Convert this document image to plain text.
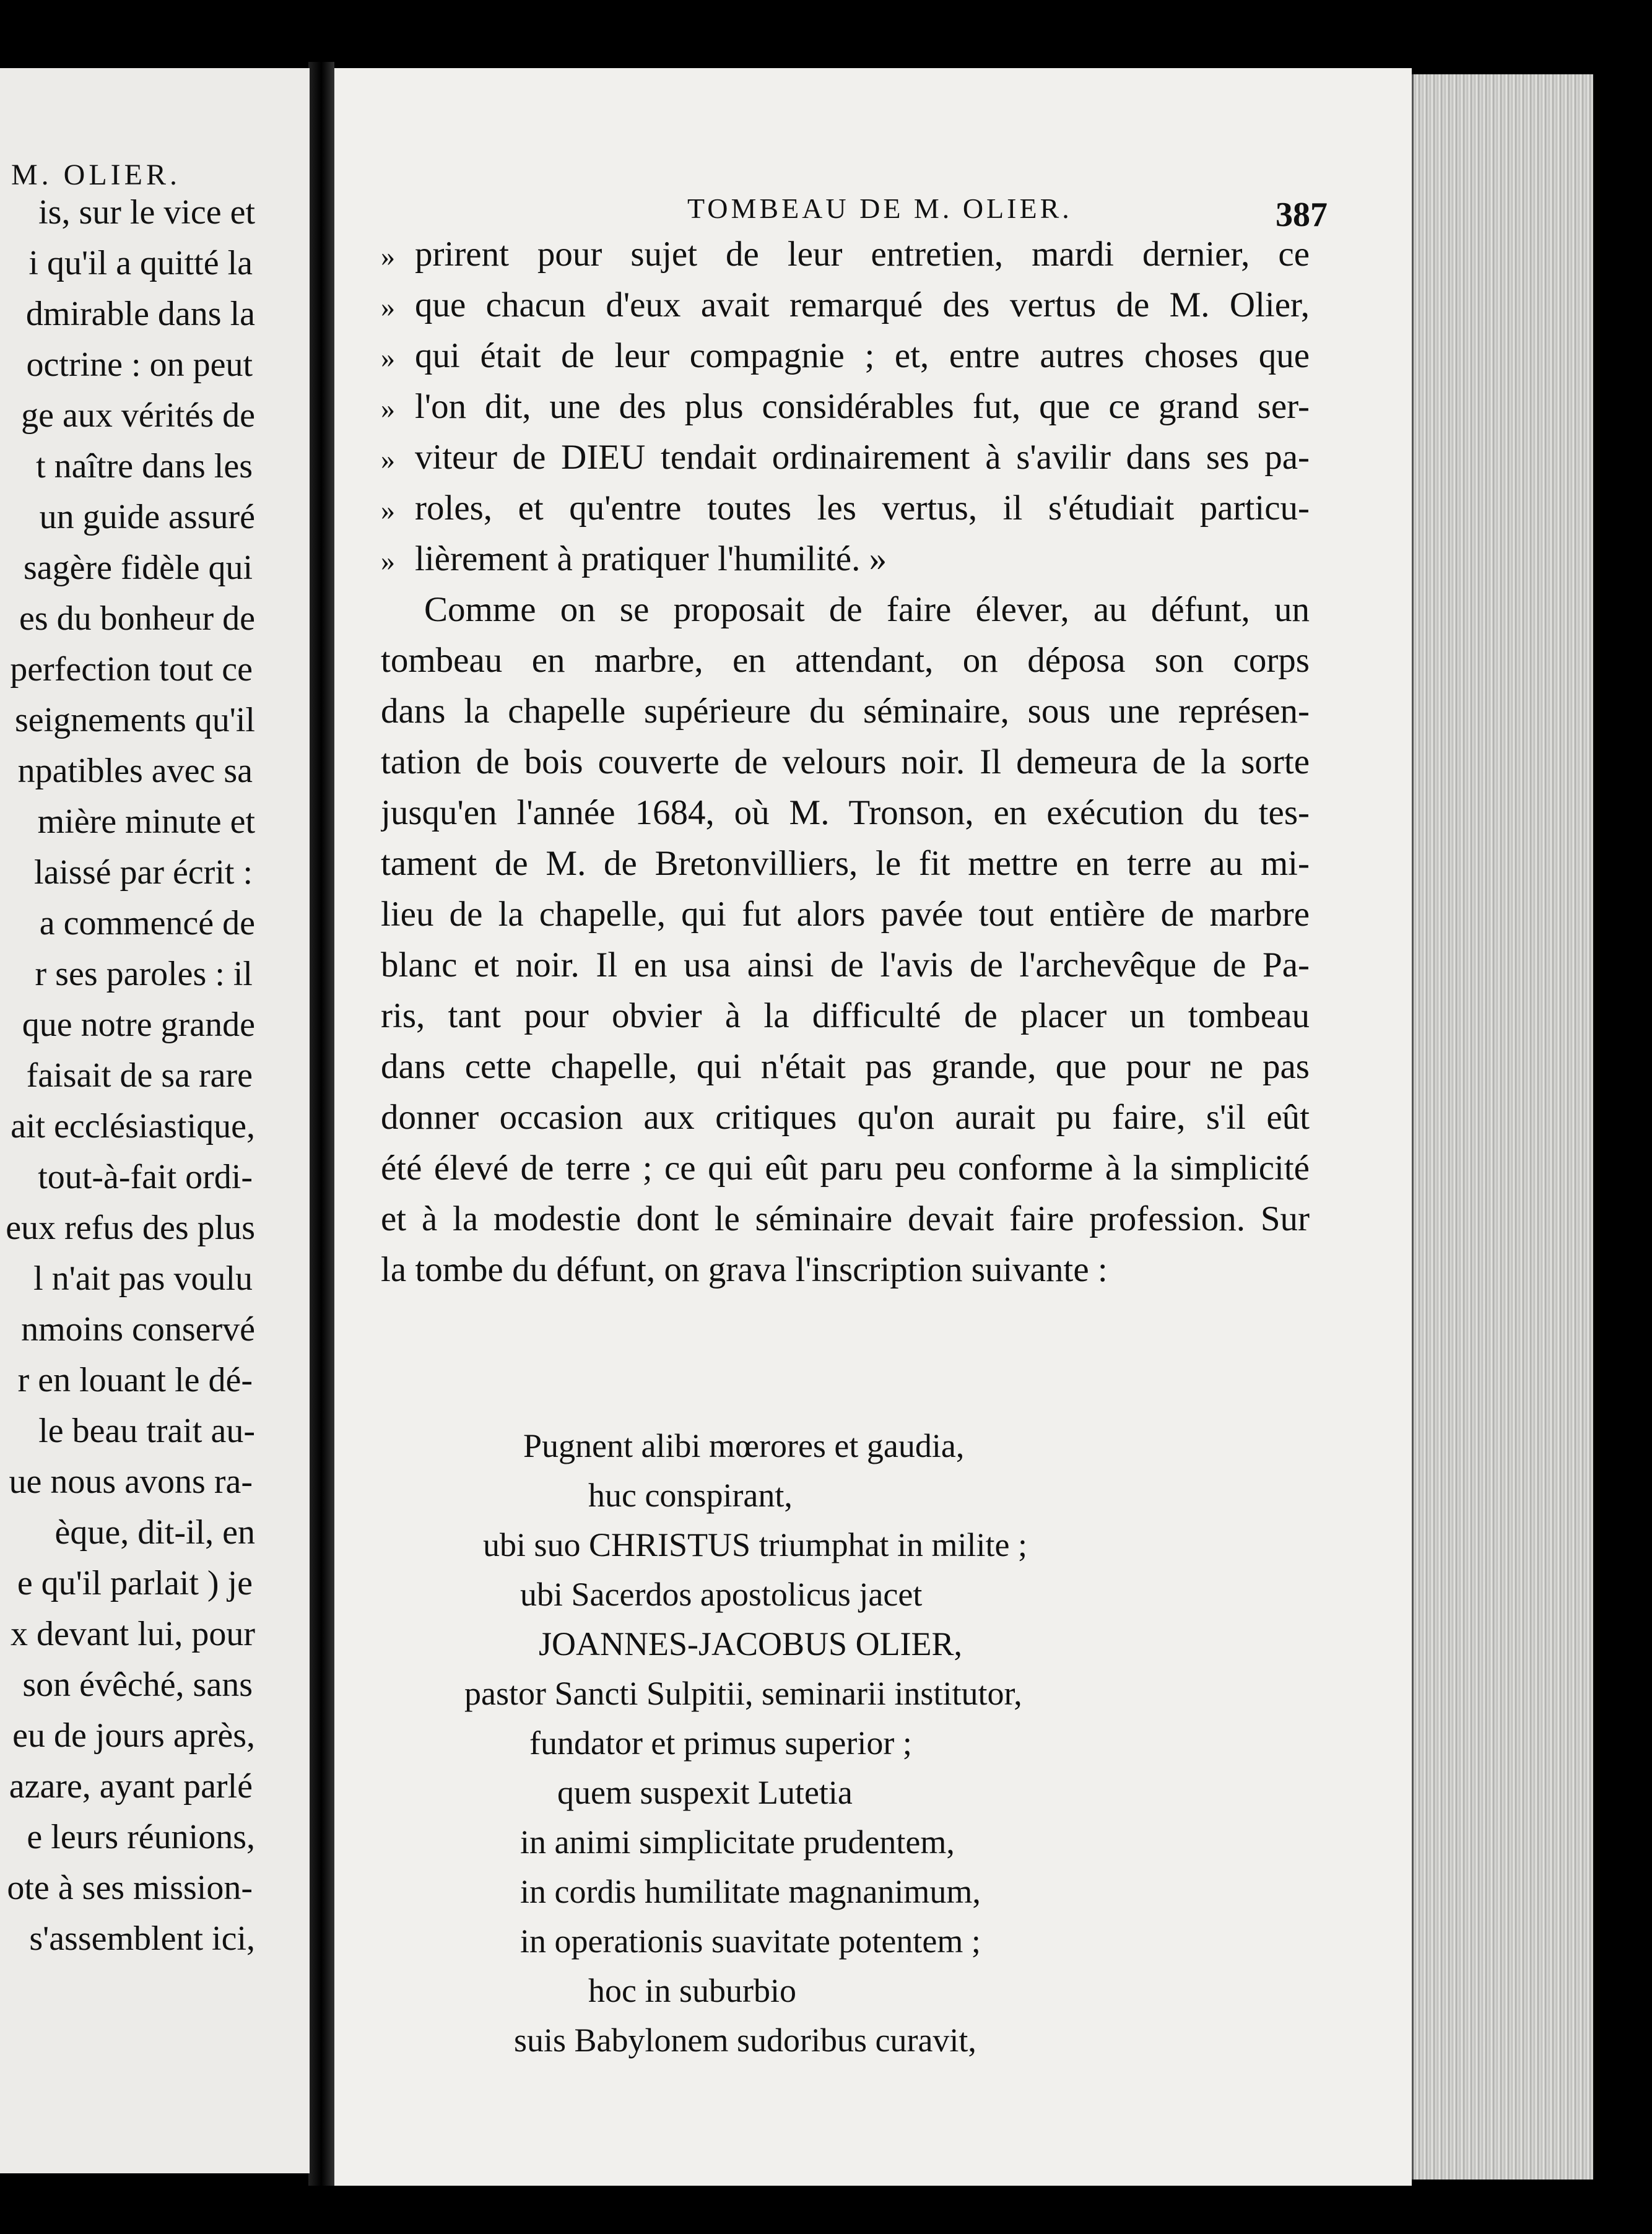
M. OLIER.
is, sur le vice et
i qu'il a quitté la
dmirable dans la
octrine : on peut
ge aux vérités de
t naître dans les
un guide assuré
sagère fidèle qui
es du bonheur de
perfection tout ce
seignements qu'il
npatibles avec sa
mière minute et
laissé par écrit :
a commencé de
r ses paroles : il
que notre grande
faisait de sa rare
ait ecclésiastique,
tout-à-fait ordi-
eux refus des plus
l n'ait pas voulu
nmoins conservé
r en louant le dé-
le beau trait au-
ue nous avons ra-
èque, dit-il, en
e qu'il parlait ) je
x devant lui, pour
son évêché, sans
eu de jours après,
azare, ayant parlé
e leurs réunions,
ote à ses mission-
s'assemblent ici,
TOMBEAU DE M. OLIER.	387
» prirent pour sujet de leur entretien, mardi dernier, ce
» que chacun d'eux avait remarqué des vertus de M. Olier,
» qui était de leur compagnie ; et, entre autres choses que
» l'on dit, une des plus considérables fut, que ce grand ser-
» viteur de DIEU tendait ordinairement à s'avilir dans ses pa-
» roles, et qu'entre toutes les vertus, il s'étudiait particu-
» lièrement à pratiquer l'humilité. »
Comme on se proposait de faire élever, au défunt, un
tombeau en marbre, en attendant, on déposa son corps
dans la chapelle supérieure du séminaire, sous une représen-
tation de bois couverte de velours noir. Il demeura de la sorte
jusqu'en l'année 1684, où M. Tronson, en exécution du tes-
tament de M. de Bretonvilliers, le fit mettre en terre au mi-
lieu de la chapelle, qui fut alors pavée tout entière de marbre
blanc et noir. Il en usa ainsi de l'avis de l'archevêque de Pa-
ris, tant pour obvier à la difficulté de placer un tombeau
dans cette chapelle, qui n'était pas grande, que pour ne pas
donner occasion aux critiques qu'on aurait pu faire, s'il eût
été élevé de terre ; ce qui eût paru peu conforme à la simplicité
et à la modestie dont le séminaire devait faire profession. Sur
la tombe du défunt, on grava l'inscription suivante :
Pugnent alibi mœrores et gaudia,
huc conspirant,
ubi suo CHRISTUS triumphat in milite ;
ubi Sacerdos apostolicus jacet
JOANNES-JACOBUS OLIER,
pastor Sancti Sulpitii, seminarii institutor,
fundator et primus superior ;
quem suspexit Lutetia
in animi simplicitate prudentem,
in cordis humilitate magnanimum,
in operationis suavitate potentem ;
hoc in suburbio
suis Babylonem sudoribus curavit,
